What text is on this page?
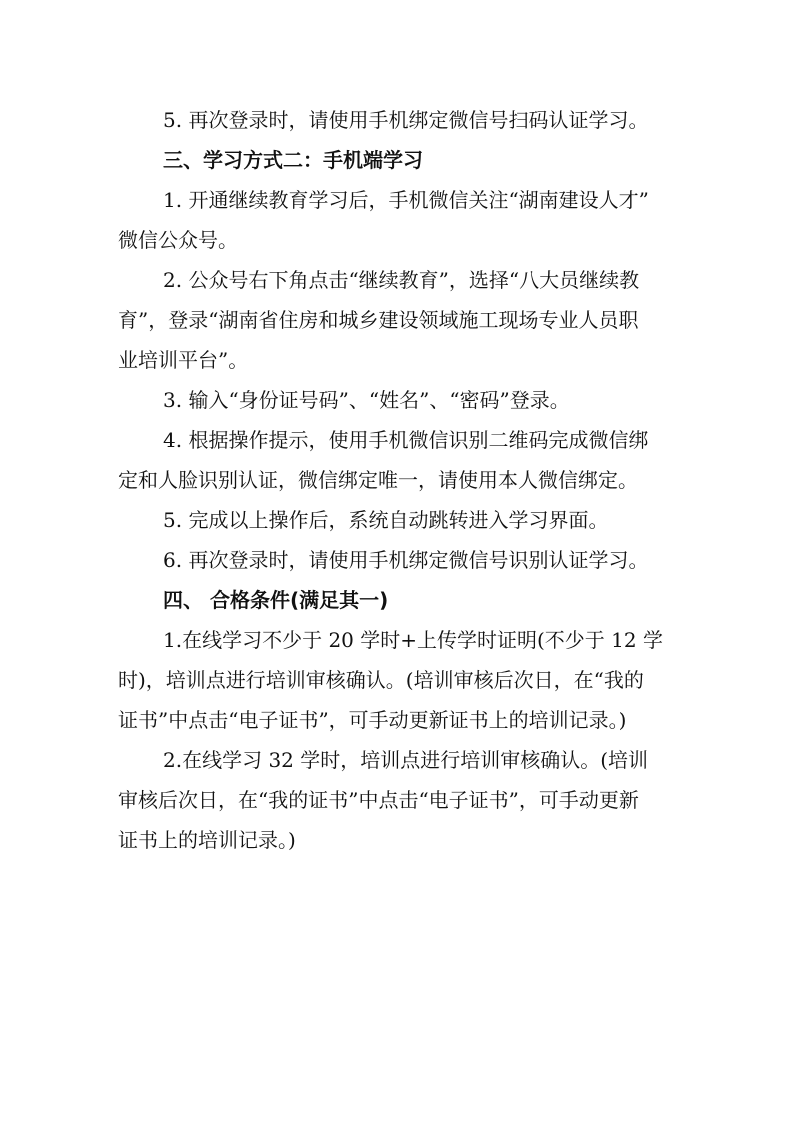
5. 再次登录时，请使用手机绑定微信号扫码认证学习。
三、学习方式二：手机端学习
1. 开通继续教育学习后，手机微信关注“湖南建设人才”
微信公众号。
2. 公众号右下角点击“继续教育”，选择“八大员继续教
育”，登录“湖南省住房和城乡建设领域施工现场专业人员职
业培训平台”。
3. 输入“身份证号码”、“姓名”、“密码”登录。
4. 根据操作提示，使用手机微信识别二维码完成微信绑
定和人脸识别认证，微信绑定唯一，请使用本人微信绑定。
5. 完成以上操作后，系统自动跳转进入学习界面。
6. 再次登录时，请使用手机绑定微信号识别认证学习。
四、 合格条件(满足其一)
1.在线学习不少于 20 学时+上传学时证明(不少于 12 学
时)，培训点进行培训审核确认。(培训审核后次日，在“我的
证书”中点击“电子证书”，可手动更新证书上的培训记录。)
2.在线学习 32 学时，培训点进行培训审核确认。(培训
审核后次日，在“我的证书”中点击“电子证书”，可手动更新
证书上的培训记录。)
